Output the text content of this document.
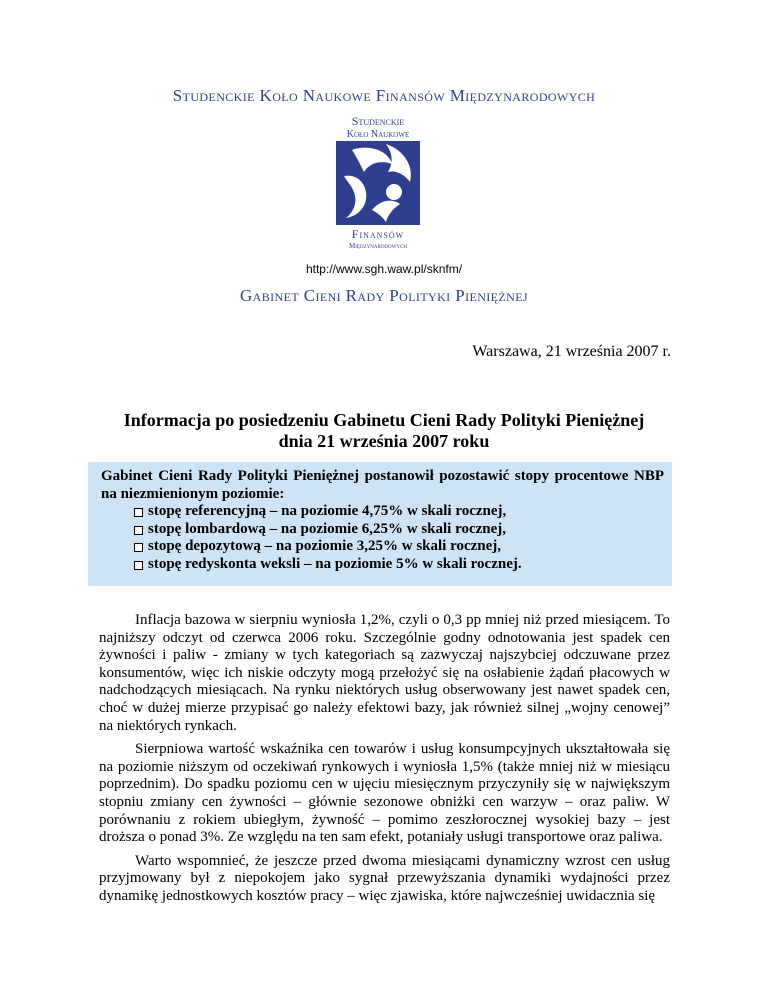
Studenckie Koło Naukowe Finansów Międzynarodowych
Studenckie
Koło Naukowe
Finansów
Międzynarodowych
http://www.sgh.waw.pl/sknfm/
Gabinet Cieni Rady Polityki Pieniężnej
Warszawa, 21 września 2007 r.
Informacja po posiedzeniu Gabinetu Cieni Rady Polityki Pieniężnej
dnia 21 września 2007 roku
Gabinet Cieni Rady Polityki Pieniężnej postanowił pozostawić stopy procentowe NBP na niezmienionym poziomie:
stopę referencyjną – na poziomie 4,75% w skali rocznej,
stopę lombardową – na poziomie 6,25% w skali rocznej,
stopę depozytową – na poziomie 3,25% w skali rocznej,
stopę redyskonta weksli – na poziomie 5% w skali rocznej.

Inflacja bazowa w sierpniu wyniosła 1,2%, czyli o 0,3 pp mniej niż przed miesiącem. To najniższy odczyt od czerwca 2006 roku. Szczególnie godny odnotowania jest spadek cen żywności i paliw - zmiany w tych kategoriach są zazwyczaj najszybciej odczuwane przez konsumentów, więc ich niskie odczyty mogą przełożyć się na osłabienie żądań płacowych w nadchodzących miesiącach. Na rynku niektórych usług obserwowany jest nawet spadek cen, choć w dużej mierze przypisać go należy efektowi bazy, jak również silnej „wojny cenowej” na niektórych rynkach.

Sierpniowa wartość wskaźnika cen towarów i usług konsumpcyjnych ukształtowała się na poziomie niższym od oczekiwań rynkowych i wyniosła 1,5% (także mniej niż w miesiącu poprzednim). Do spadku poziomu cen w ujęciu miesięcznym przyczyniły się w największym stopniu zmiany cen żywności – głównie sezonowe obniżki cen warzyw – oraz paliw. W porównaniu z rokiem ubiegłym, żywność – pomimo zeszłorocznej wysokiej bazy – jest droższa o ponad 3%. Ze względu na ten sam efekt, potaniały usługi transportowe oraz paliwa.

Warto wspomnieć, że jeszcze przed dwoma miesiącami dynamiczny wzrost cen usług przyjmowany był z niepokojem jako sygnał przewyższania dynamiki wydajności przez dynamikę jednostkowych kosztów pracy – więc zjawiska, które najwcześniej uwidacznia się
